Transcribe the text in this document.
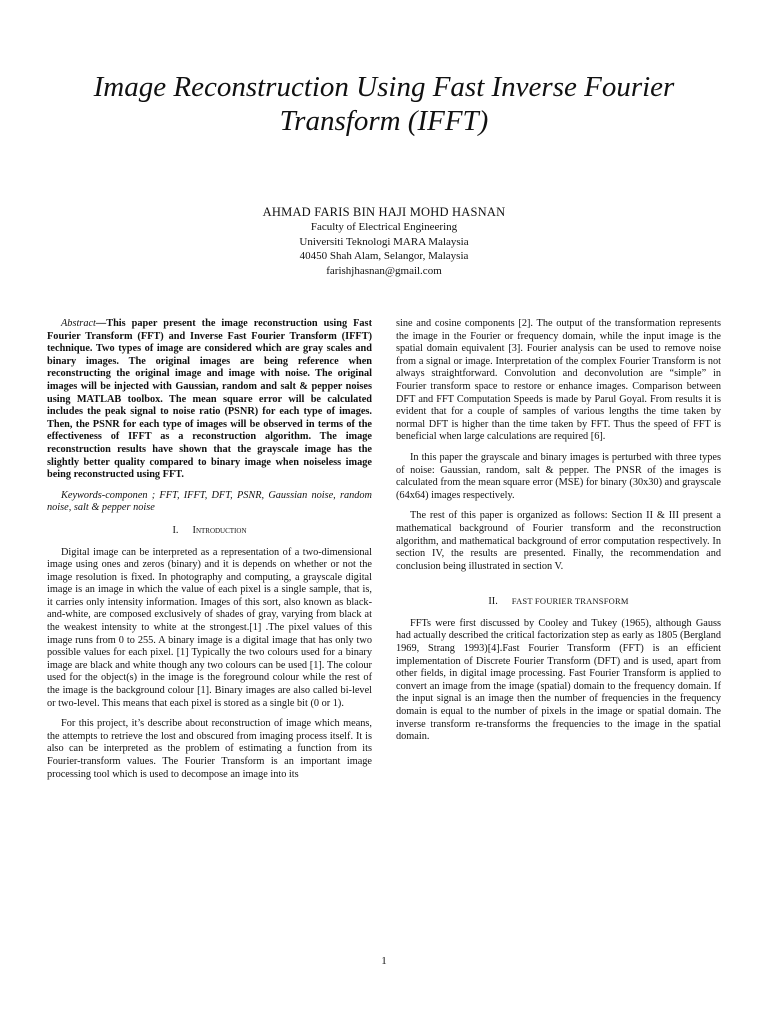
Image Reconstruction Using Fast Inverse Fourier Transform (IFFT)
AHMAD FARIS BIN HAJI MOHD HASNAN
Faculty of Electrical Engineering
Universiti Teknologi MARA Malaysia
40450 Shah Alam, Selangor, Malaysia
farishjhasnan@gmail.com

Abstract—This paper present the image reconstruction using Fast Fourier Transform (FFT) and Inverse Fast Fourier Transform (IFFT) technique. Two types of image are considered which are gray scales and binary images. The original images are being reference when reconstructing the original image and image with noise. The original images will be injected with Gaussian, random and salt & pepper noises using MATLAB toolbox. The mean square error will be calculated includes the peak signal to noise ratio (PSNR) for each type of images. Then, the PSNR for each type of images will be observed in terms of the effectiveness of IFFT as a reconstruction algorithm. The image reconstruction results have shown that the grayscale image has the slightly better quality compared to binary image when noiseless image being reconstructed using FFT.

Keywords-componen ; FFT, IFFT, DFT, PSNR, Gaussian noise, random noise, salt & pepper noise

I. Introduction

Digital image can be interpreted as a representation of a two-dimensional image using ones and zeros (binary) and it is depends on whether or not the image resolution is fixed. In photography and computing, a grayscale digital image is an image in which the value of each pixel is a single sample, that is, it carries only intensity information. Images of this sort, also known as black-and-white, are composed exclusively of shades of gray, varying from black at the weakest intensity to white at the strongest.[1] .The pixel values of this image runs from 0 to 255. A binary image is a digital image that has only two possible values for each pixel. [1] Typically the two colours used for a binary image are black and white though any two colours can be used [1]. The colour used for the object(s) in the image is the foreground colour while the rest of the image is the background colour [1]. Binary images are also called bi-level or two-level. This means that each pixel is stored as a single bit (0 or 1).

For this project, it’s describe about reconstruction of image which means, the attempts to retrieve the lost and obscured from imaging process itself. It is also can be interpreted as the problem of estimating a function from its Fourier-transform values. The Fourier Transform is an important image processing tool which is used to decompose an image into its

sine and cosine components [2]. The output of the transformation represents the image in the Fourier or frequency domain, while the input image is the spatial domain equivalent [3]. Fourier analysis can be used to remove noise from a signal or image. Interpretation of the complex Fourier Transform is not always straightforward. Convolution and deconvolution are “simple” in Fourier transform space to restore or enhance images. Comparison between DFT and FFT Computation Speeds is made by Parul Goyal. From results it is evident that for a couple of samples of various lengths the time taken by normal DFT is higher than the time taken by FFT. Thus the speed of FFT is beneficial when large calculations are required [6].

In this paper the grayscale and binary images is perturbed with three types of noise: Gaussian, random, salt & pepper. The PNSR of the images is calculated from the mean square error (MSE) for binary (30x30) and grayscale (64x64) images respectively.

The rest of this paper is organized as follows: Section II & III present a mathematical background of Fourier transform and the reconstruction algorithm, and mathematical background of error computation respectively. In section IV, the results are presented. Finally, the recommendation and conclusion being illustrated in section V.

II. FAST FOURIER TRANSFORM

FFTs were first discussed by Cooley and Tukey (1965), although Gauss had actually described the critical factorization step as early as 1805 (Bergland 1969, Strang 1993)[4].Fast Fourier Transform (FFT) is an efficient implementation of Discrete Fourier Transform (DFT) and is used, apart from other fields, in digital image processing. Fast Fourier Transform is applied to convert an image from the image (spatial) domain to the frequency domain. If the input signal is an image then the number of frequencies in the frequency domain is equal to the number of pixels in the image or spatial domain. The inverse transform re-transforms the frequencies to the image in the spatial domain.

1
